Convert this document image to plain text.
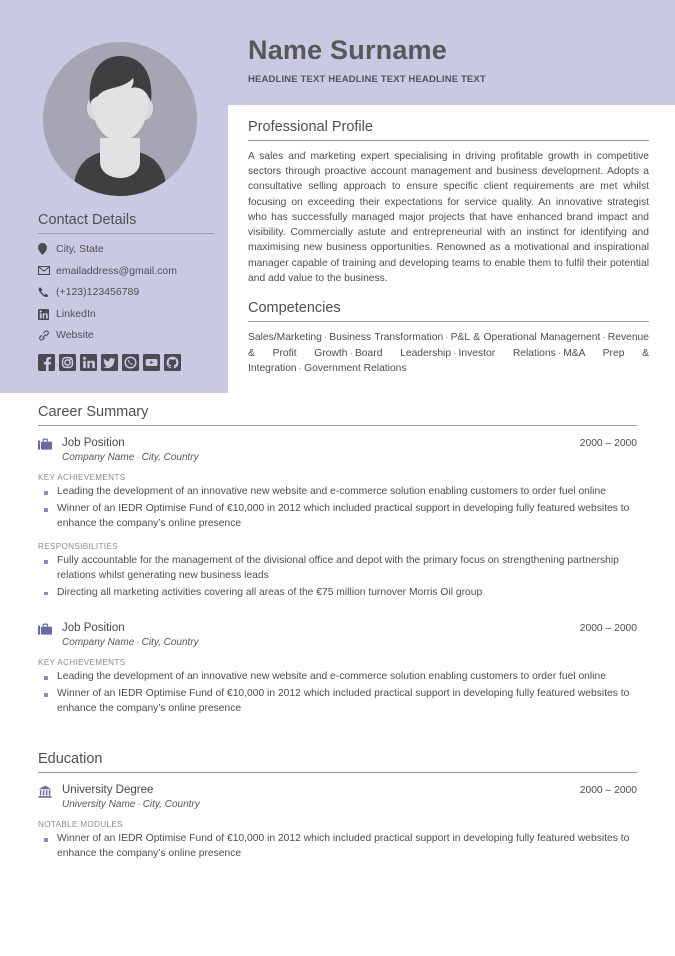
Name Surname
HEADLINE TEXT HEADLINE TEXT HEADLINE TEXT
Contact Details
City, State
emailaddress@gmail.com
(+123)123456789
LinkedIn
Website
Professional Profile
A sales and marketing expert specialising in driving profitable growth in competitive sectors through proactive account management and business development. Adopts a consultative selling approach to ensure specific client requirements are met whilst focusing on exceeding their expectations for service quality. An innovative strategist who has successfully managed major projects that have enhanced brand impact and visibility. Commercially astute and entrepreneurial with an instinct for identifying and maximising new business opportunities. Renowned as a motivational and inspirational manager capable of training and developing teams to enable them to fulfil their potential and add value to the business.
Competencies
Sales/Marketing · Business Transformation · P&L & Operational Management · Revenue & Profit Growth · Board Leadership · Investor Relations · M&A Prep & Integration · Government Relations
Career Summary
Job Position
Company Name · City, Country
2000 – 2000
KEY ACHIEVEMENTS
Leading the development of an innovative new website and e-commerce solution enabling customers to order fuel online
Winner of an IEDR Optimise Fund of €10,000 in 2012 which included practical support in developing fully featured websites to enhance the company’s online presence
RESPONSIBILITIES
Fully accountable for the management of the divisional office and depot with the primary focus on strengthening partnership relations whilst generating new business leads
Directing all marketing activities covering all areas of the €75 million turnover Morris Oil group
Job Position
Company Name · City, Country
2000 – 2000
KEY ACHIEVEMENTS
Leading the development of an innovative new website and e-commerce solution enabling customers to order fuel online
Winner of an IEDR Optimise Fund of €10,000 in 2012 which included practical support in developing fully featured websites to enhance the company’s online presence
Education
University Degree
University Name · City, Country
2000 – 2000
NOTABLE MODULES
Winner of an IEDR Optimise Fund of €10,000 in 2012 which included practical support in developing fully featured websites to enhance the company’s online presence
